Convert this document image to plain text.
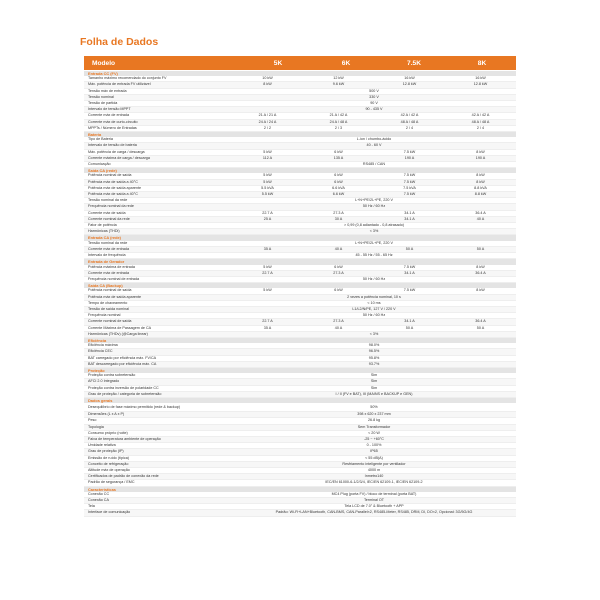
Folha de Dados
Modelo	5K	6K	7.5K	8K
Entrada CC (FV)
Tamanho máximo recomendado do conjunto FV	10 kW	12 kW	16 kW	16 kW
Máx. potência de entrada FV utilizável	8 kW	9.6 kW	12.8 kW	12.8 kW
Tensão máx de entrada	500 V
Tensão nominal	330 V
Tensão de partida	90 V
Intervalo de tensão MPPT	90 - 435 V
Corrente máx de entrada	21 A / 21 A	21 A / 42 A	42 A / 42 A	42 A / 42 A
Corrente máx de curto-circuito	24 A / 24 A	24 A / 48 A	48 A / 48 A	48 A / 48 A
MPPTs / Número de Entradas	2 / 2	2 / 3	2 / 4	2 / 4
Bateria
Tipo de Bateria	L-ion / chumbo-ácido
Intervalo de tensão de bateria	40 - 60 V
Máx. potência de carga / descarga	5 kW	6 kW	7.5 kW	8 kW
Corrente máxima de carga / descarga	112 A	135 A	190 A	190 A
Comunicação	RS485 / CAN
Saída CA (rede)
Potência nominal de saída	5 kW	6 kW	7.5 kW	8 kW
Potência máx de saída a 40°C	5 kW	6 kW	7.5 kW	8 kW
Potência máx de saída aparente	5.5 kVA	6.6 kVA	7.5 kVA	8.8 kVA
Potência máx de saída a 40°C	5.5 kW	6.6 kW	7.5 kW	8.8 kW
Tensão nominal da rede	L+N+PE/2L+PE, 220 V
Frequência nominal da rede	50 Hz / 60 Hz
Corrente máx de saída	22.7 A	27.3 A	34.1 A	36.4 A
Corrente nominal da rede	25 A	30 A	34.1 A	40 A
Fator de potência	> 0,99 (0,8 adiantado - 0,8 atrasado)
Harmônicas (THDi)	< 3%
Entrada CA (rede)
Tensão nominal da rede	L+N+PE/2L+PE, 220 V
Corrente máx de entrada	35 A	40 A	50 A	50 A
Intervalo de frequência	45 - 55 Hz / 55 - 65 Hz
Entrada de Gerador
Potência máxima de entrada	5 kW	6 kW	7.5 kW	8 kW
Corrente máx de entrada	22.7 A	27.3 A	34.1 A	36.4 A
Frequência nominal de entrada	50 Hz / 60 Hz
Saída CA (Backup)
Potência nominal de saída	5 kW	6 kW	7.5 kW	8 kW
Potência máx de saída aparente	2 vezes a potência nominal, 10 s
Tempo de chaveamento	< 10 ms
Tensão de saída nominal	L1/L2/N/PE, 127 V / 220 V
Frequência nominal	50 Hz / 60 Hz
Corrente nominal de saída	22.7 A	27.3 A	34.1 A	36.4 A
Corrente Máxima de Passagem de CA	35 A	40 A	50 A	50 A
Harmônicas (THDv) (@Carga linear)	< 3%
Eficiência
Eficiência máxima	98.0%
Eficiência CEC	96.5%
BAT carregado por eficiência máx. FV/CA	95.8%
BAT descarregado por eficiência máx. CA	93.7%
Proteção
Proteção contra sobretensão	Sim
AFCI 2.0 Integrado	Sim
Proteção contra inversão de polaridade CC	Sim
Grau de proteção / categoria de sobretensão	I / II (FV e BAT), III (MAINS e BACKUP e GEN)
Dados gerais
Desequilíbrio de fase máximo permitido (rede & backup)	50%
Dimensões (L x A x P)	398 x 620 x 237 mm
Peso	26.8 kg
Topologia	Sem Transformador
Consumo próprio (noite)	< 20 W
Faixa de temperatura ambiente de operação	-25 ~ +60°C
Umidade relativa	0 - 100%
Grau de proteção (IP)	IP65
Emissão de ruído (típica)	< 55 dB(A)
Conceito de refrigeração	Resfriamento inteligente por ventilador
Altitude máx de operação	4000 m
Certificados de padrão de conexão da rede	Inmetro140
Padrão de segurança / EMC	IEC/EN 61000-6-1/2/3/4, IEC/EN 62109-1, IEC/EN 62109-2
Características
Conexão CC	MC4 Plug (porta FV) / bloco de terminal (porta BAT)
Conexão CA	Terminal OT
Tela	Tela LCD de 7.0" & Bluetooth + APP
Interface de comunicação	Padrão: Wi-Fi+LAN+Bluetooth, CAN-BMS, CAN-Parallel×2, RS485-Meter, RS485, DRM, DI, DO×2, Opcional: 3G/5G/4G
